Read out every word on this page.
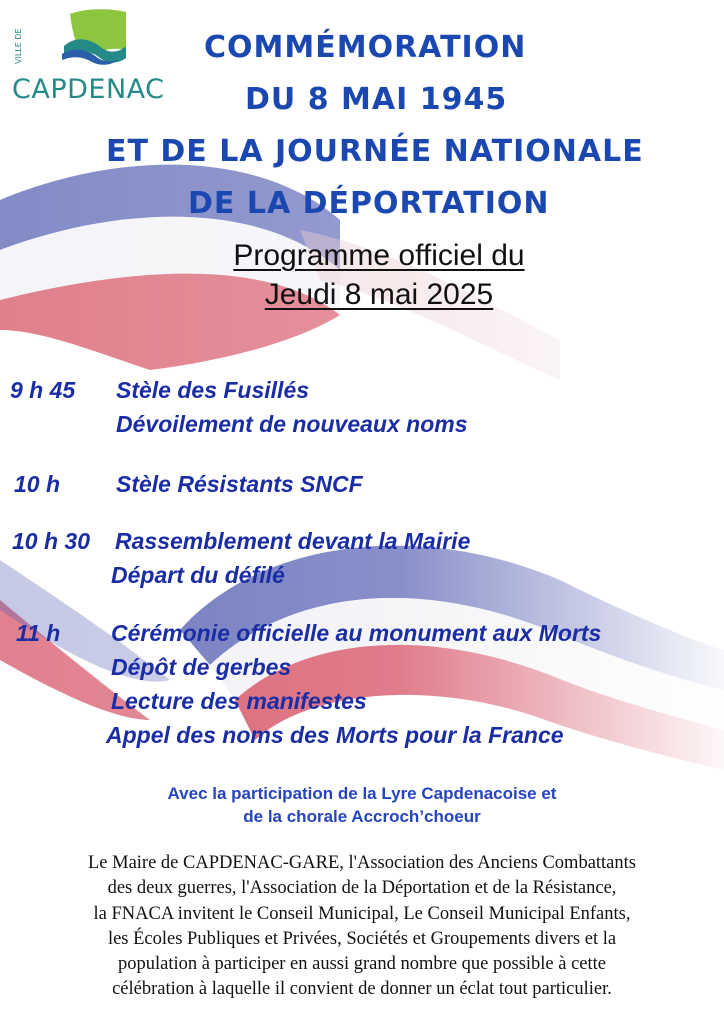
VILLE DE
CAPDENAC
COMMÉMORATION
DU 8 MAI 1945
ET DE LA JOURNÉE NATIONALE
DE LA DÉPORTATION
Programme officiel du
Jeudi 8 mai 2025
9 h 45 Stèle des Fusillés
Dévoilement de nouveaux noms
10 h Stèle Résistants SNCF
10 h 30 Rassemblement devant la Mairie
Départ du défilé
11 h Cérémonie officielle au monument aux Morts
Dépôt de gerbes
Lecture des manifestes
Appel des noms des Morts pour la France
Avec la participation de la Lyre Capdenacoise et
de la chorale Accroch’choeur
Le Maire de CAPDENAC-GARE, l'Association des Anciens Combattants
des deux guerres, l'Association de la Déportation et de la Résistance,
la FNACA invitent le Conseil Municipal, Le Conseil Municipal Enfants,
les Écoles Publiques et Privées, Sociétés et Groupements divers et la
population à participer en aussi grand nombre que possible à cette
célébration à laquelle il convient de donner un éclat tout particulier.
